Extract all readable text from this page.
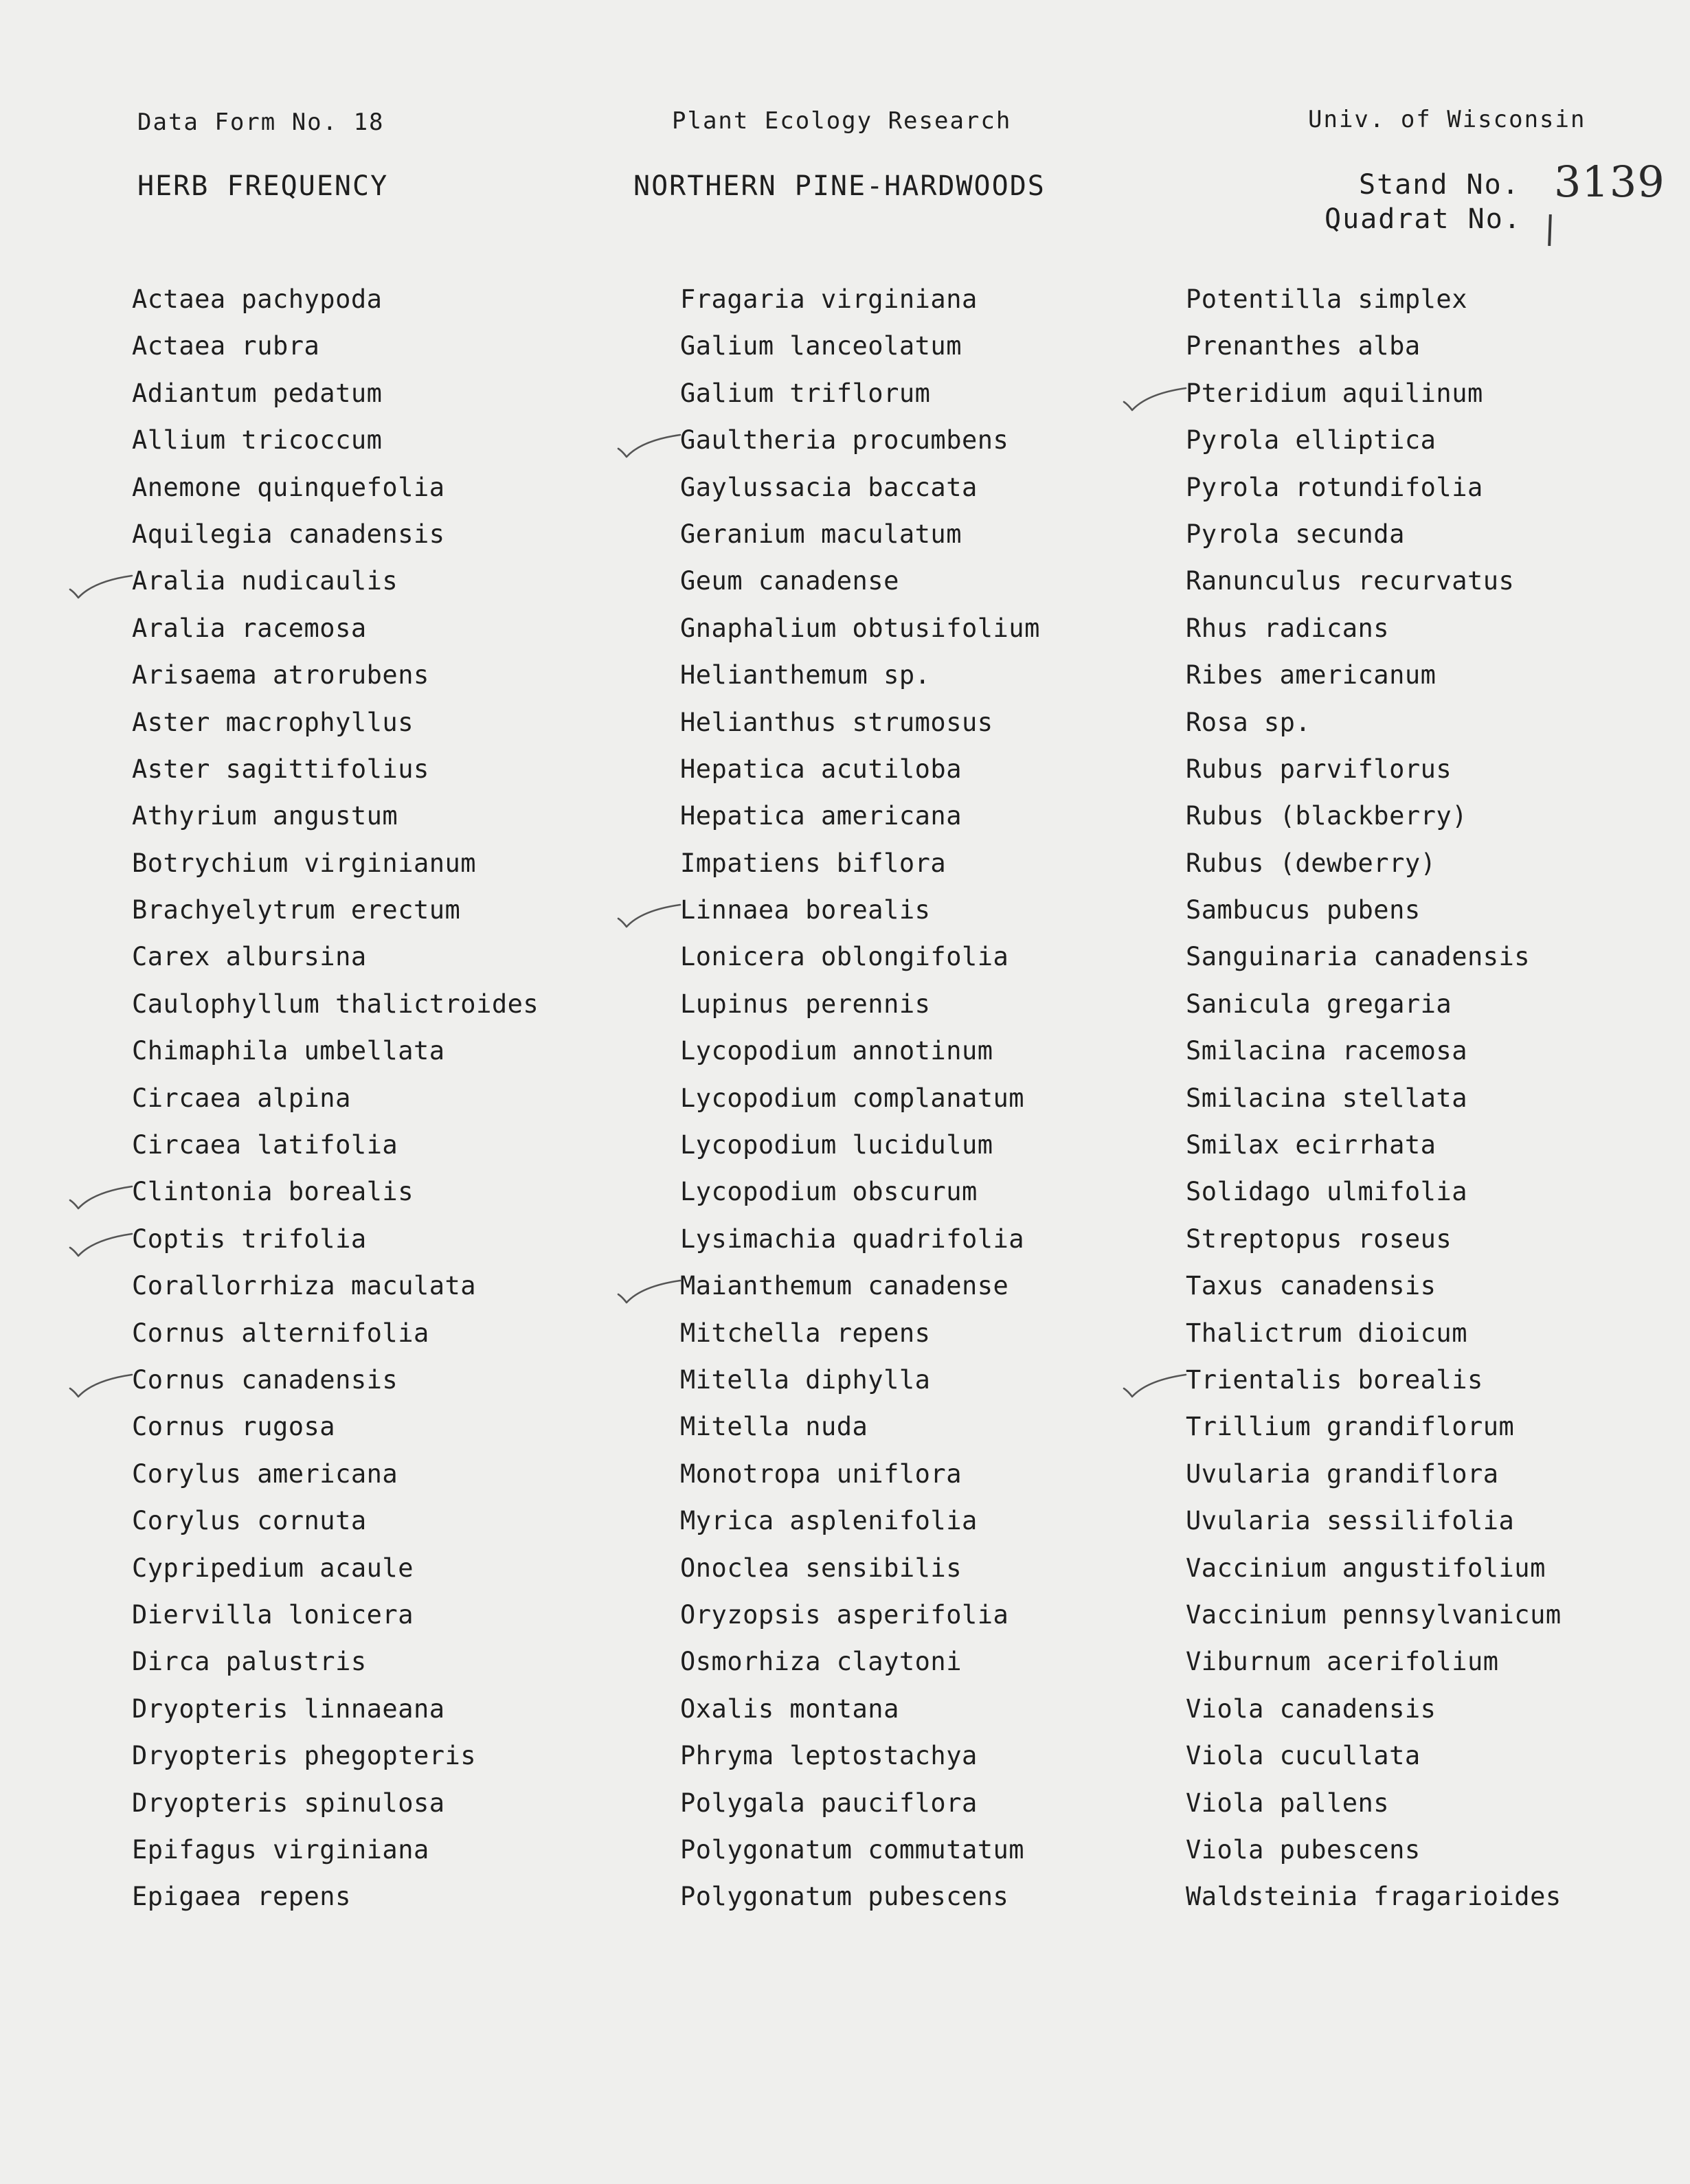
Data Form No. 18	Plant Ecology Research	Univ. of Wisconsin
HERB FREQUENCY	NORTHERN PINE-HARDWOODS	Stand No.
Quadrat No.
3139
Actaea pachypoda
Actaea rubra
Adiantum pedatum
Allium tricoccum
Anemone quinquefolia
Aquilegia canadensis
Aralia nudicaulis
Aralia racemosa
Arisaema atrorubens
Aster macrophyllus
Aster sagittifolius
Athyrium angustum
Botrychium virginianum
Brachyelytrum erectum
Carex albursina
Caulophyllum thalictroides
Chimaphila umbellata
Circaea alpina
Circaea latifolia
Clintonia borealis
Coptis trifolia
Corallorrhiza maculata
Cornus alternifolia
Cornus canadensis
Cornus rugosa
Corylus americana
Corylus cornuta
Cypripedium acaule
Diervilla lonicera
Dirca palustris
Dryopteris linnaeana
Dryopteris phegopteris
Dryopteris spinulosa
Epifagus virginiana
Epigaea repens
Fragaria virginiana
Galium lanceolatum
Galium triflorum
Gaultheria procumbens
Gaylussacia baccata
Geranium maculatum
Geum canadense
Gnaphalium obtusifolium
Helianthemum sp.
Helianthus strumosus
Hepatica acutiloba
Hepatica americana
Impatiens biflora
Linnaea borealis
Lonicera oblongifolia
Lupinus perennis
Lycopodium annotinum
Lycopodium complanatum
Lycopodium lucidulum
Lycopodium obscurum
Lysimachia quadrifolia
Maianthemum canadense
Mitchella repens
Mitella diphylla
Mitella nuda
Monotropa uniflora
Myrica asplenifolia
Onoclea sensibilis
Oryzopsis asperifolia
Osmorhiza claytoni
Oxalis montana
Phryma leptostachya
Polygala pauciflora
Polygonatum commutatum
Polygonatum pubescens
Potentilla simplex
Prenanthes alba
Pteridium aquilinum
Pyrola elliptica
Pyrola rotundifolia
Pyrola secunda
Ranunculus recurvatus
Rhus radicans
Ribes americanum
Rosa sp.
Rubus parviflorus
Rubus (blackberry)
Rubus (dewberry)
Sambucus pubens
Sanguinaria canadensis
Sanicula gregaria
Smilacina racemosa
Smilacina stellata
Smilax ecirrhata
Solidago ulmifolia
Streptopus roseus
Taxus canadensis
Thalictrum dioicum
Trientalis borealis
Trillium grandiflorum
Uvularia grandiflora
Uvularia sessilifolia
Vaccinium angustifolium
Vaccinium pennsylvanicum
Viburnum acerifolium
Viola canadensis
Viola cucullata
Viola pallens
Viola pubescens
Waldsteinia fragarioides
